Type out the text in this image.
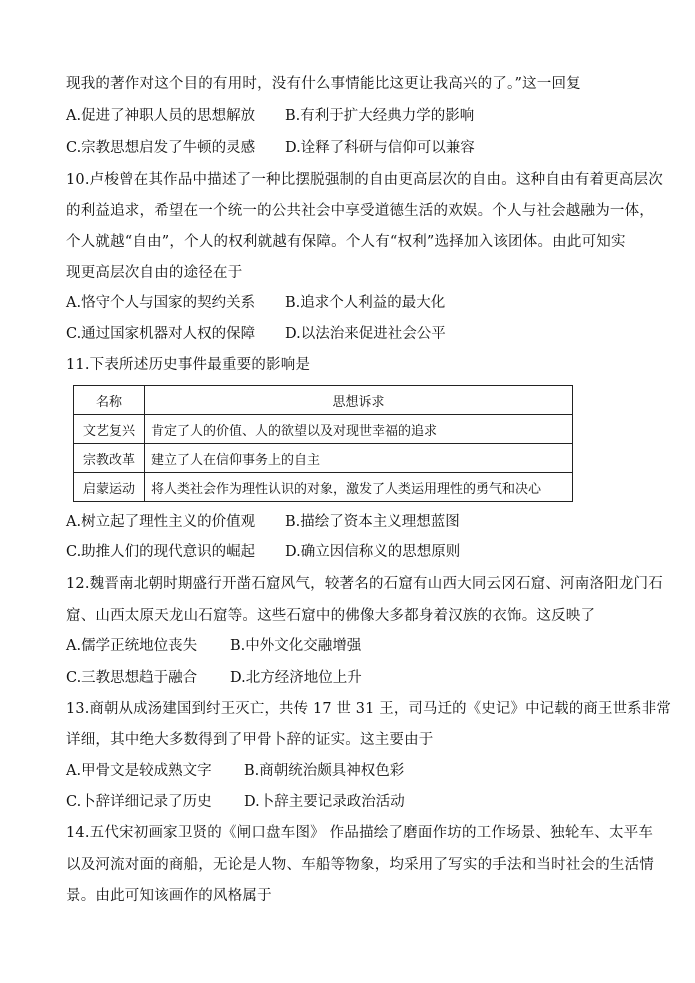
现我的著作对这个目的有用时，没有什么事情能比这更让我高兴的了。”这一回复
A.促进了神职人员的思想解放 B.有利于扩大经典力学的影响
C.宗教思想启发了牛顿的灵感 D.诠释了科研与信仰可以兼容
10.卢梭曾在其作品中描述了一种比摆脱强制的自由更高层次的自由。这种自由有着更高层次
的利益追求，希望在一个统一的公共社会中享受道德生活的欢娱。个人与社会越融为一体，
个人就越“自由”，个人的权利就越有保障。个人有“权利”选择加入该团体。由此可知实
现更高层次自由的途径在于
A.恪守个人与国家的契约关系 B.追求个人利益的最大化
C.通过国家机器对人权的保障 D.以法治来促进社会公平
11.下表所述历史事件最重要的影响是
名称	思想诉求
文艺复兴	肯定了人的价值、人的欲望以及对现世幸福的追求
宗教改革	建立了人在信仰事务上的自主
启蒙运动	将人类社会作为理性认识的对象，激发了人类运用理性的勇气和决心
A.树立起了理性主义的价值观 B.描绘了资本主义理想蓝图
C.助推人们的现代意识的崛起 D.确立因信称义的思想原则
12.魏晋南北朝时期盛行开凿石窟风气，较著名的石窟有山西大同云冈石窟、河南洛阳龙门石
窟、山西太原天龙山石窟等。这些石窟中的佛像大多都身着汉族的衣饰。这反映了
A.儒学正统地位丧失 B.中外文化交融增强
C.三教思想趋于融合 D.北方经济地位上升
13.商朝从成汤建国到纣王灭亡，共传 17 世 31 王，司马迁的《史记》中记载的商王世系非常
详细，其中绝大多数得到了甲骨卜辞的证实。这主要由于
A.甲骨文是较成熟文字 B.商朝统治颇具神权色彩
C.卜辞详细记录了历史 D.卜辞主要记录政治活动
14.五代宋初画家卫贤的《闸口盘车图》 作品描绘了磨面作坊的工作场景、独轮车、太平车
以及河流对面的商船，无论是人物、车船等物象，均采用了写实的手法和当时社会的生活情
景。由此可知该画作的风格属于
